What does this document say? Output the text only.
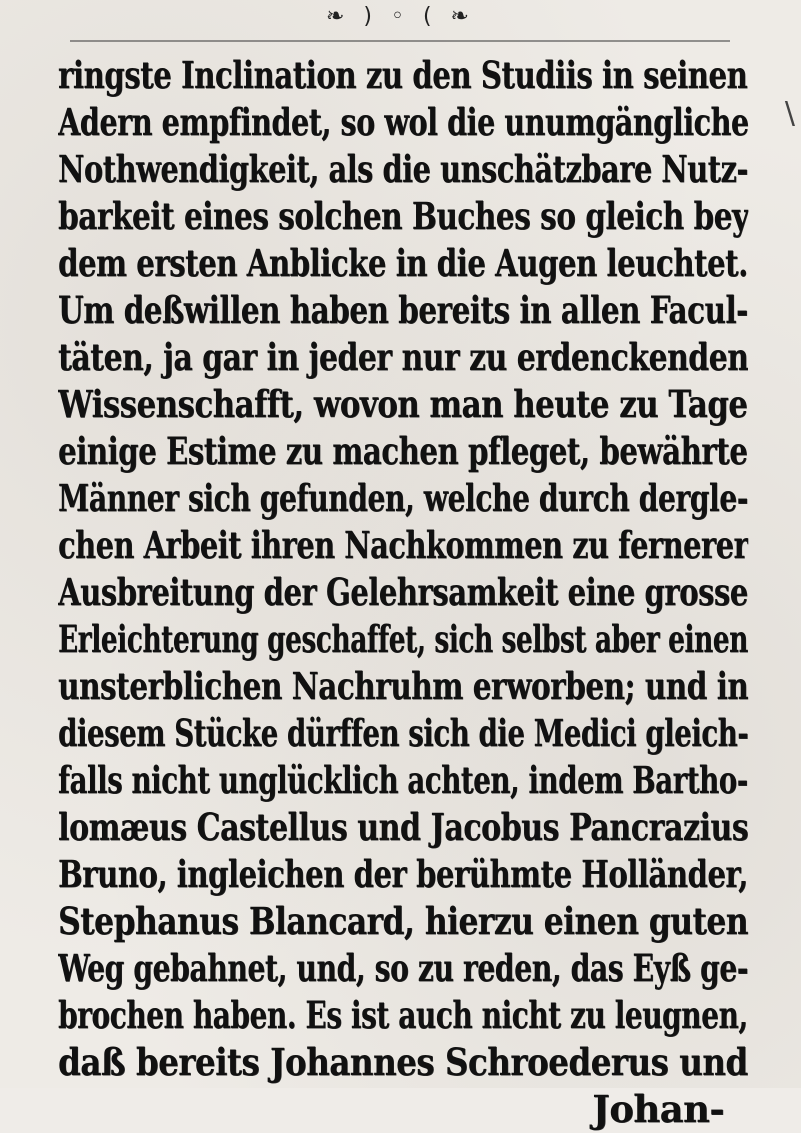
❧ ) ◦ ( ❧
\
ringste Inclination zu den Studiis in seinen
Adern empfindet, so wol die unumgängliche
Nothwendigkeit, als die unschätzbare Nutz-
barkeit eines solchen Buches so gleich bey
dem ersten Anblicke in die Augen leuchtet.
Um deßwillen haben bereits in allen Facul-
täten, ja gar in jeder nur zu erdenckenden
Wissenschafft, wovon man heute zu Tage
einige Estime zu machen pfleget, bewährte
Männer sich gefunden, welche durch dergle-
chen Arbeit ihren Nachkommen zu fernerer
Ausbreitung der Gelehrsamkeit eine grosse
Erleichterung geschaffet, sich selbst aber einen
unsterblichen Nachruhm erworben; und in
diesem Stücke dürffen sich die Medici gleich-
falls nicht unglücklich achten, indem Bartho-
lomæus Castellus und Jacobus Pancrazius
Bruno, ingleichen der berühmte Holländer,
Stephanus Blancard, hierzu einen guten
Weg gebahnet, und, so zu reden, das Eyß ge-
brochen haben. Es ist auch nicht zu leugnen,
daß bereits Johannes Schroederus und
Johan-
